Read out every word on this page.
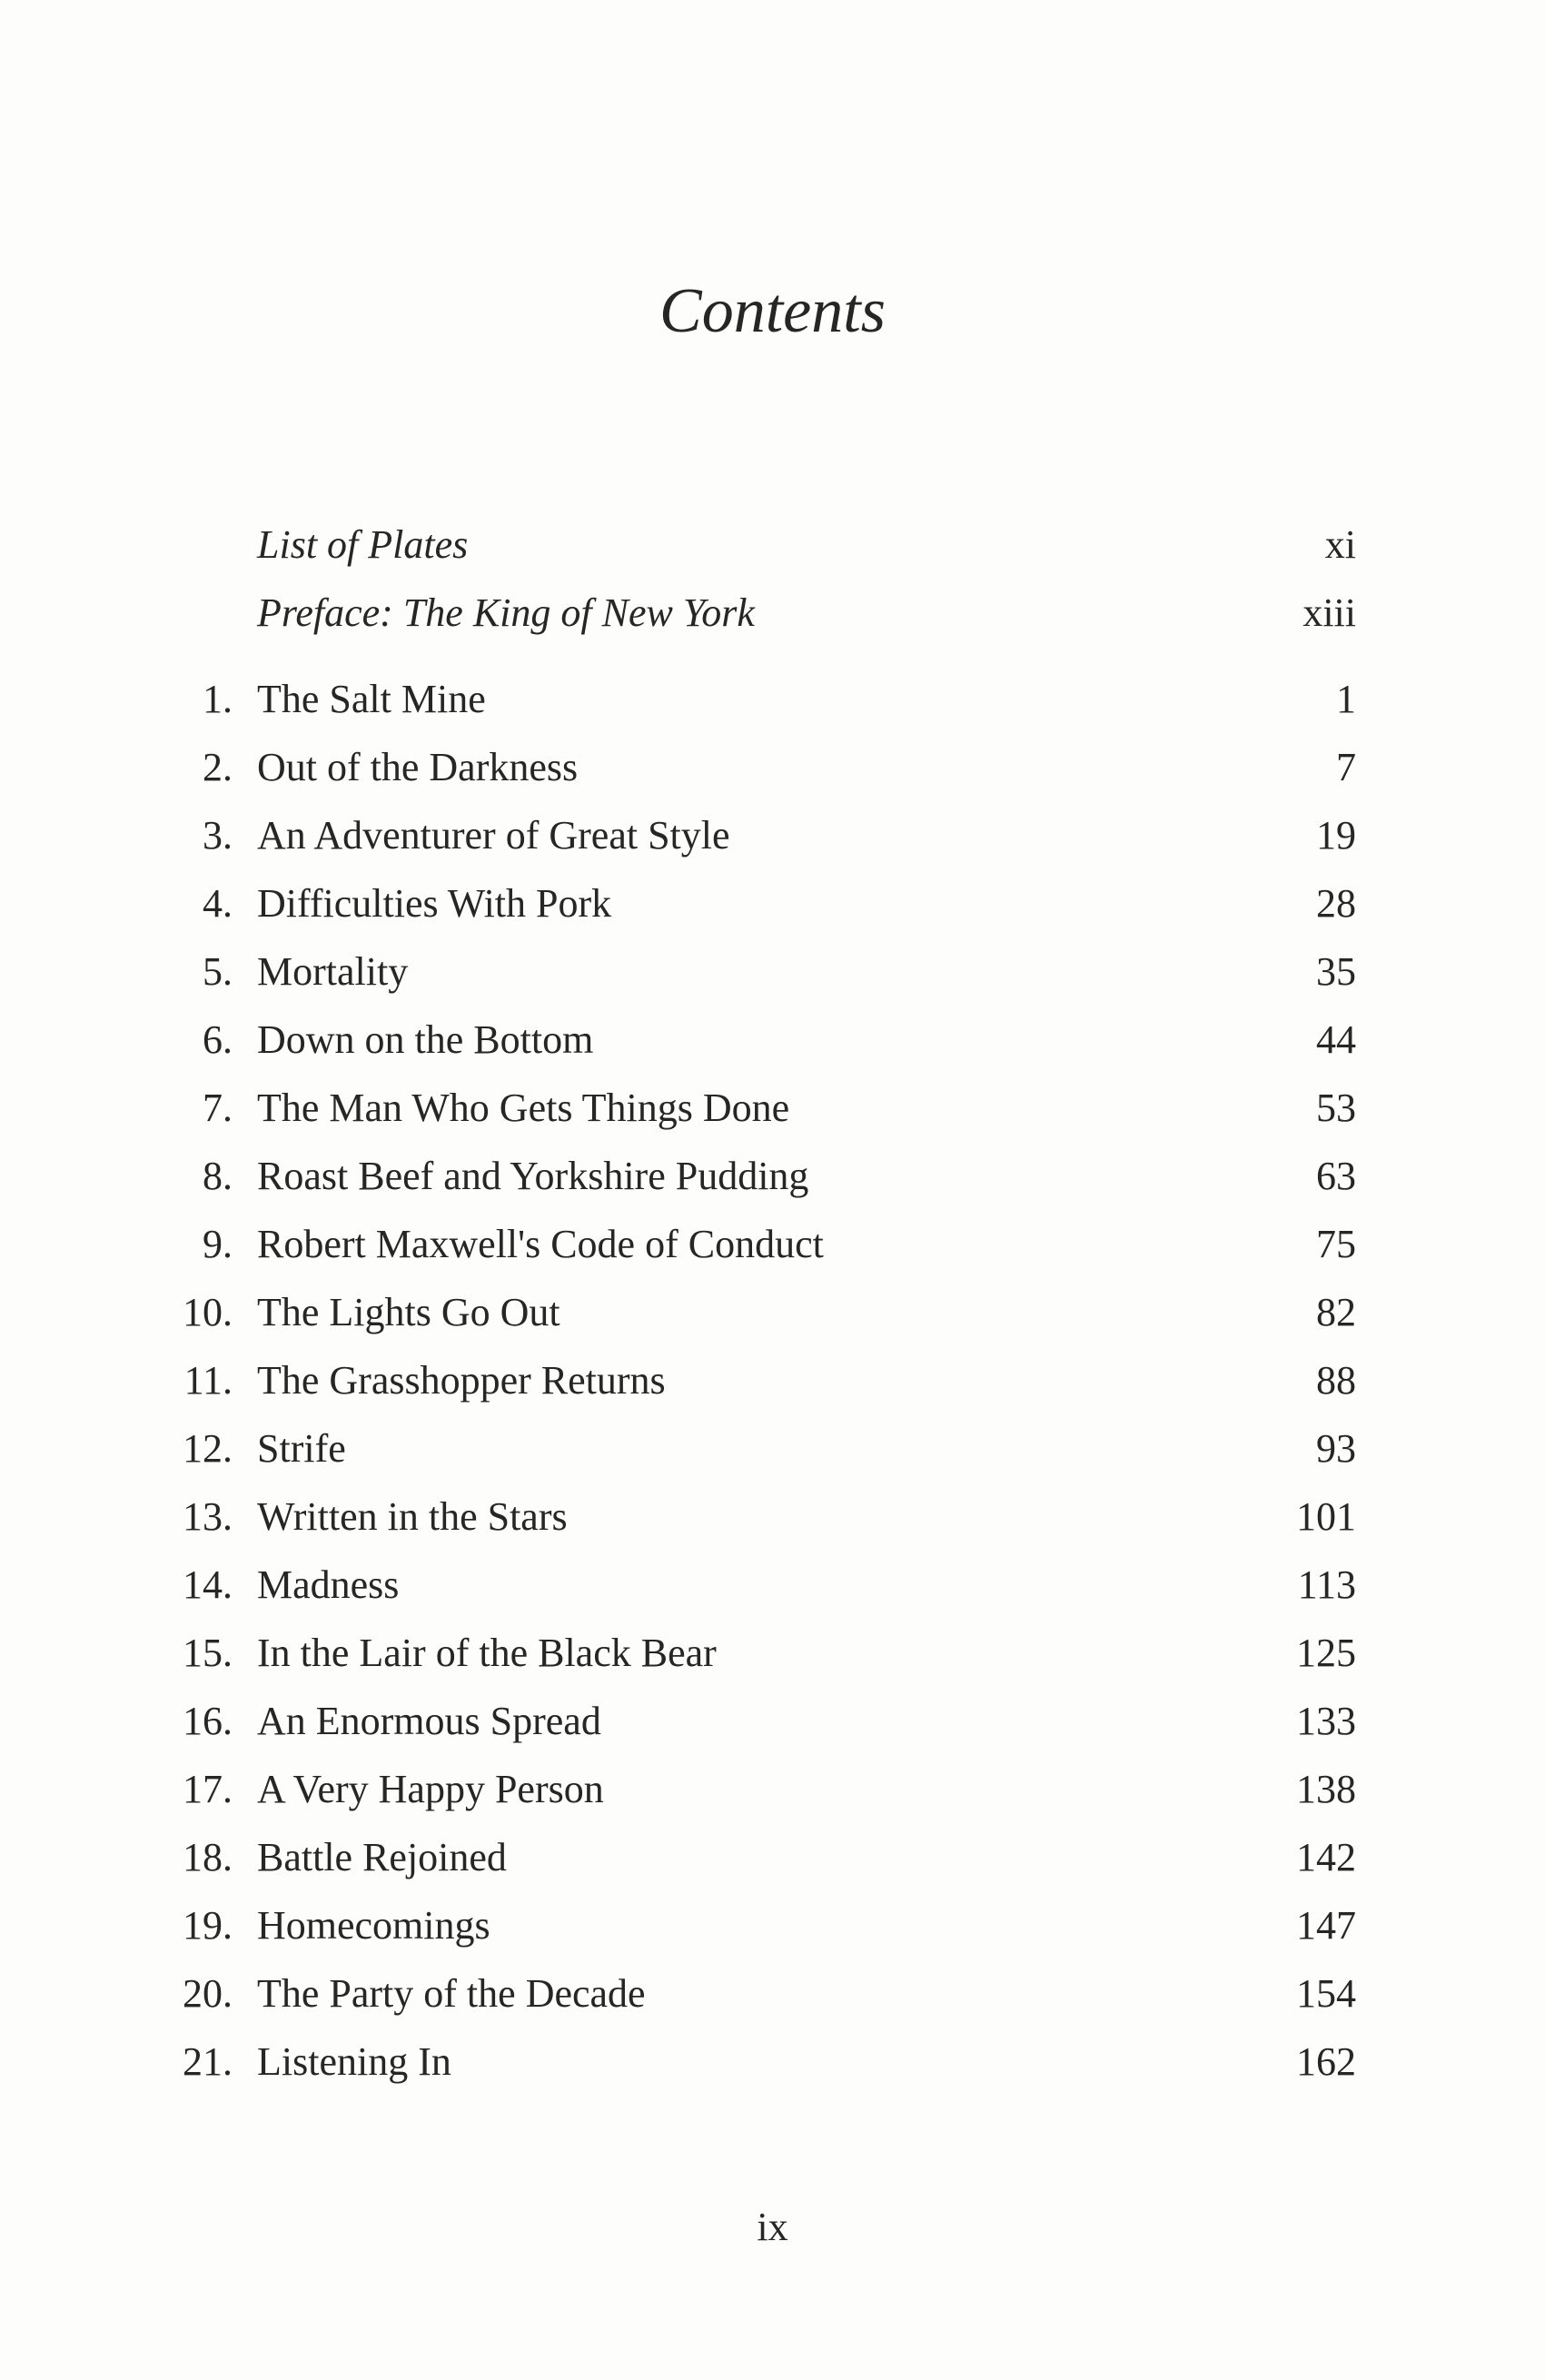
Contents
List of Plates	xi
Preface: The King of New York	xiii
1. The Salt Mine	1
2. Out of the Darkness	7
3. An Adventurer of Great Style	19
4. Difficulties With Pork	28
5. Mortality	35
6. Down on the Bottom	44
7. The Man Who Gets Things Done	53
8. Roast Beef and Yorkshire Pudding	63
9. Robert Maxwell's Code of Conduct	75
10. The Lights Go Out	82
11. The Grasshopper Returns	88
12. Strife	93
13. Written in the Stars	101
14. Madness	113
15. In the Lair of the Black Bear	125
16. An Enormous Spread	133
17. A Very Happy Person	138
18. Battle Rejoined	142
19. Homecomings	147
20. The Party of the Decade	154
21. Listening In	162
ix
